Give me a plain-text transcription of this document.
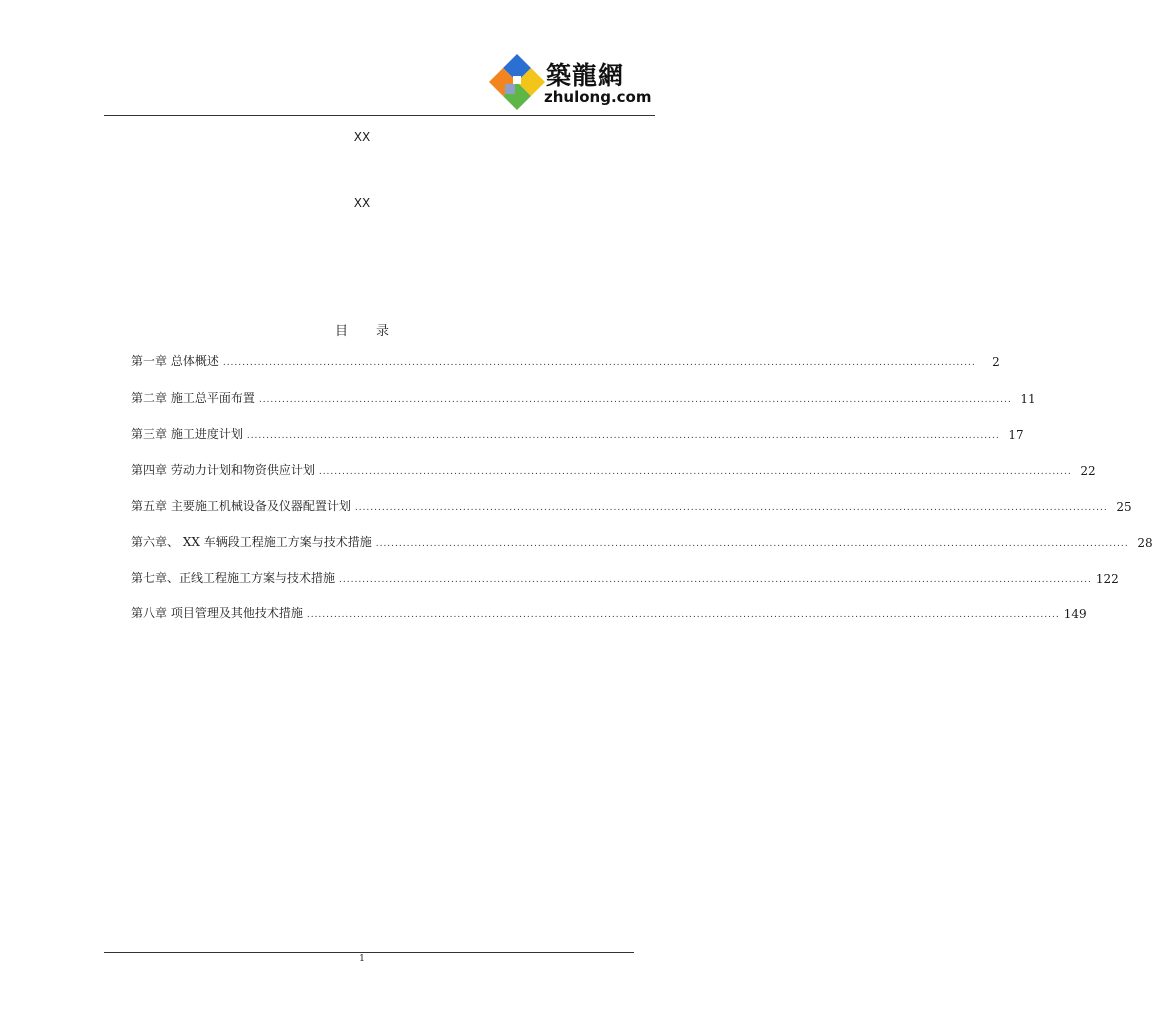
築龍網
zhulong.com
XX
XX
目 录
第一章 总体概述 ...................................................................................................................................................................................................	2
第二章 施工总平面布置 ................................................................................................................................................................................................... 11
第三章 施工进度计划 ................................................................................................................................................................................................... 17
第四章 劳动力计划和物资供应计划 ................................................................................................................................................................................................... 22
第五章 主要施工机械设备及仪器配置计划 ................................................................................................................................................................................................... 25
第六章、 XX 车辆段工程施工方案与技术措施 ................................................................................................................................................................................................... 28
第七章、正线工程施工方案与技术措施 ................................................................................................................................................................................................... 122
第八章 项目管理及其他技术措施 ................................................................................................................................................................................................... 149
1
